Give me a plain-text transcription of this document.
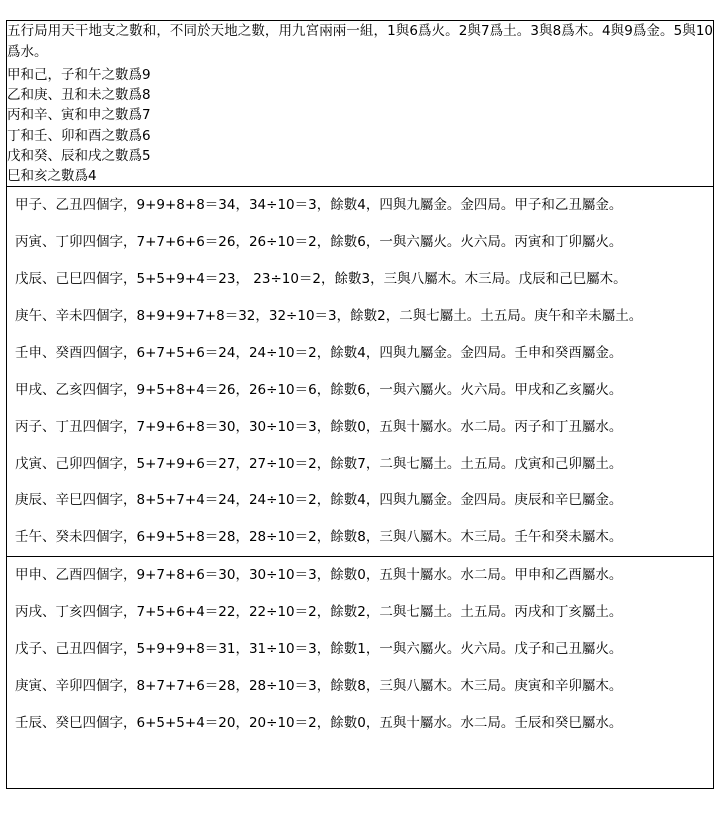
五行局用天干地支之數和，不同於天地之數，用九宮兩兩一組，1與6爲火。2與7爲土。3與8爲木。4與9爲金。5與10爲水。

甲和己，子和午之數爲9

乙和庚、丑和未之數爲8

丙和辛、寅和申之數爲7

丁和壬、卯和酉之數爲6

戊和癸、辰和戌之數爲5

巳和亥之數爲4

甲子、乙丑四個字，9+9+8+8＝34，34÷10＝3，餘數4，四與九屬金。金四局。甲子和乙丑屬金。
丙寅、丁卯四個字，7+7+6+6＝26，26÷10＝2，餘數6，一與六屬火。火六局。丙寅和丁卯屬火。
戊辰、己巳四個字，5+5+9+4＝23， 23÷10＝2，餘數3，三與八屬木。木三局。戊辰和己巳屬木。
庚午、辛未四個字，8+9+9+7+8＝32，32÷10＝3，餘數2，二與七屬土。土五局。庚午和辛未屬土。
壬申、癸酉四個字，6+7+5+6＝24，24÷10＝2，餘數4，四與九屬金。金四局。壬申和癸酉屬金。
甲戌、乙亥四個字，9+5+8+4＝26，26÷10＝6，餘數6，一與六屬火。火六局。甲戌和乙亥屬火。
丙子、丁丑四個字，7+9+6+8＝30，30÷10＝3，餘數0，五與十屬水。水二局。丙子和丁丑屬水。
戊寅、己卯四個字，5+7+9+6＝27，27÷10＝2，餘數7，二與七屬土。土五局。戊寅和己卯屬土。
庚辰、辛巳四個字，8+5+7+4＝24，24÷10＝2，餘數4，四與九屬金。金四局。庚辰和辛巳屬金。
壬午、癸未四個字，6+9+5+8＝28，28÷10＝2，餘數8，三與八屬木。木三局。壬午和癸未屬木。

甲申、乙酉四個字，9+7+8+6＝30，30÷10＝3，餘數0，五與十屬水。水二局。甲申和乙酉屬水。
丙戌、丁亥四個字，7+5+6+4＝22，22÷10＝2，餘數2，二與七屬土。土五局。丙戌和丁亥屬土。
戊子、己丑四個字，5+9+9+8＝31，31÷10＝3，餘數1，一與六屬火。火六局。戊子和己丑屬火。
庚寅、辛卯四個字，8+7+7+6＝28，28÷10＝3，餘數8，三與八屬木。木三局。庚寅和辛卯屬木。
壬辰、癸巳四個字，6+5+5+4＝20，20÷10＝2，餘數0，五與十屬水。水二局。壬辰和癸巳屬水。
